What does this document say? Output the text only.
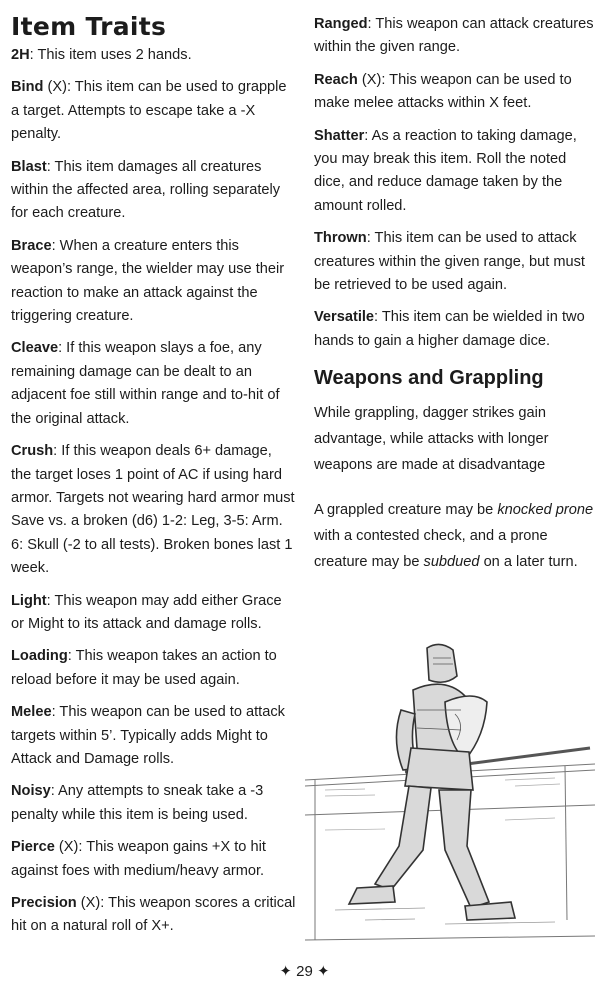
Item Traits

2H: This item uses 2 hands.

Bind (X): This item can be used to grapple a target. Attempts to escape take a -X penalty.

Blast: This item damages all creatures within the affected area, rolling separately for each creature.

Brace: When a creature enters this weapon’s range, the wielder may use their reaction to make an attack against the triggering creature.

Cleave: If this weapon slays a foe, any remaining damage can be dealt to an adjacent foe still within range and to-hit of the original attack.

Crush: If this weapon deals 6+ damage, the target loses 1 point of AC if using hard armor. Targets not wearing hard armor must Save vs. a broken (d6) 1-2: Leg, 3-5: Arm. 6: Skull (-2 to all tests). Broken bones last 1 week.

Light: This weapon may add either Grace or Might to its attack and damage rolls.

Loading: This weapon takes an action to reload before it may be used again.

Melee: This weapon can be used to attack targets within 5’. Typically adds Might to Attack and Damage rolls.

Noisy: Any attempts to sneak take a -3 penalty while this item is being used.

Pierce (X): This weapon gains +X to hit against foes with medium/heavy armor.

Precision (X): This weapon scores a critical hit on a natural roll of X+.

Ranged: This weapon can attack creatures within the given range.

Reach (X): This weapon can be used to make melee attacks within X feet.

Shatter: As a reaction to taking damage, you may break this item. Roll the noted dice, and reduce damage taken by the amount rolled.

Thrown: This item can be used to attack creatures within the given range, but must be retrieved to be used again.

Versatile: This item can be wielded in two hands to gain a higher damage dice.

Weapons and Grappling

While grappling, dagger strikes gain advantage, while attacks with longer weapons are made at disadvantage

A grappled creature may be knocked prone with a contested check, and a prone creature may be subdued on a later turn.

✦ 29 ✦
